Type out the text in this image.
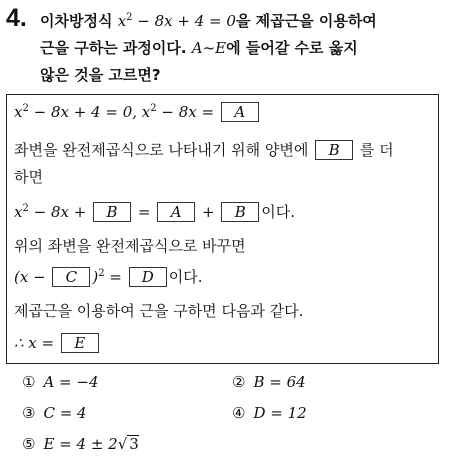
4. 이차방정식 $x^2 - 8x + 4 = 0$을 제곱근을 이용하여
근을 구하는 과정이다. A~E에 들어갈 수로 옳지
않은 것을 고르면?
$x^2 - 8x + 4 = 0$, $x^2 - 8x = A$
좌변을 완전제곱식으로 나타내기 위해 양변에 B 를 더
하면
$x^2 - 8x + B = A + B$ 이다.
위의 좌변을 완전제곱식으로 바꾸면
(x − C )$^2$ = D 이다.
제곱근을 이용하여 근을 구하면 다음과 같다.
∴ x = E
① A = −4	② B = 64
③ C = 4	④ D = 12
⑤ E = 4 ± 2√ 3
